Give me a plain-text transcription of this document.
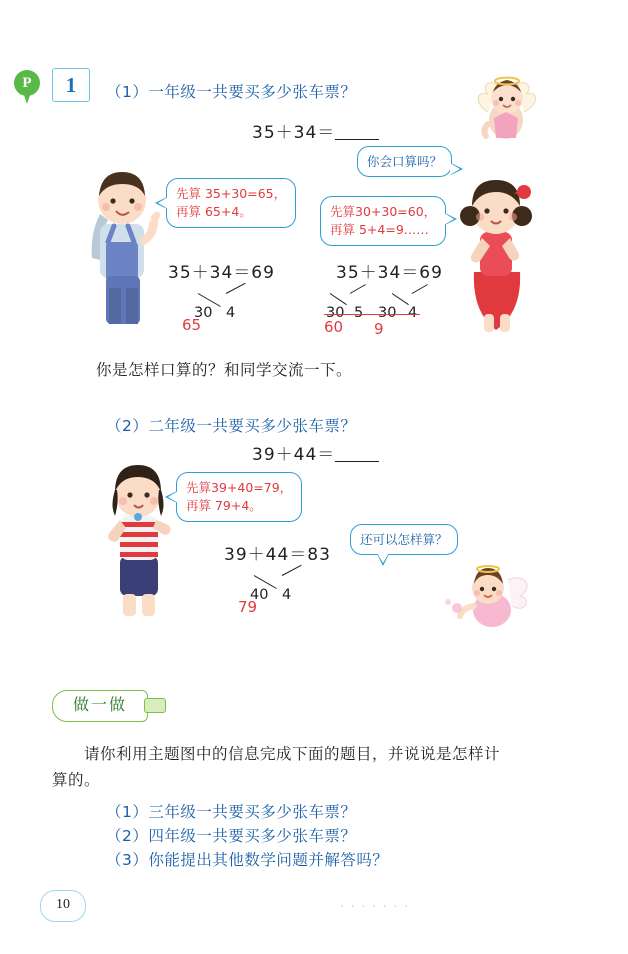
P	1	（1）一年级一共要买多少张车票？
35＋34＝
你会口算吗？
先算 35+30=65，
再算 65+4。	先算30+30=60，
再算 5+4=9……
35＋34＝69
30 4
65
35＋34＝69
30 5 30 4
60 9
你是怎样口算的？和同学交流一下。
（2）二年级一共要买多少张车票？
39＋44＝
先算39+40=79，
再算 79+4。
还可以怎样算？
39＋44＝83
40 4
79
做一做
请你利用主题图中的信息完成下面的题目，并说说是怎样计
算的。
（1）三年级一共要买多少张车票？
（2）四年级一共要买多少张车票？
（3）你能提出其他数学问题并解答吗？
10	· · · · · · ·
